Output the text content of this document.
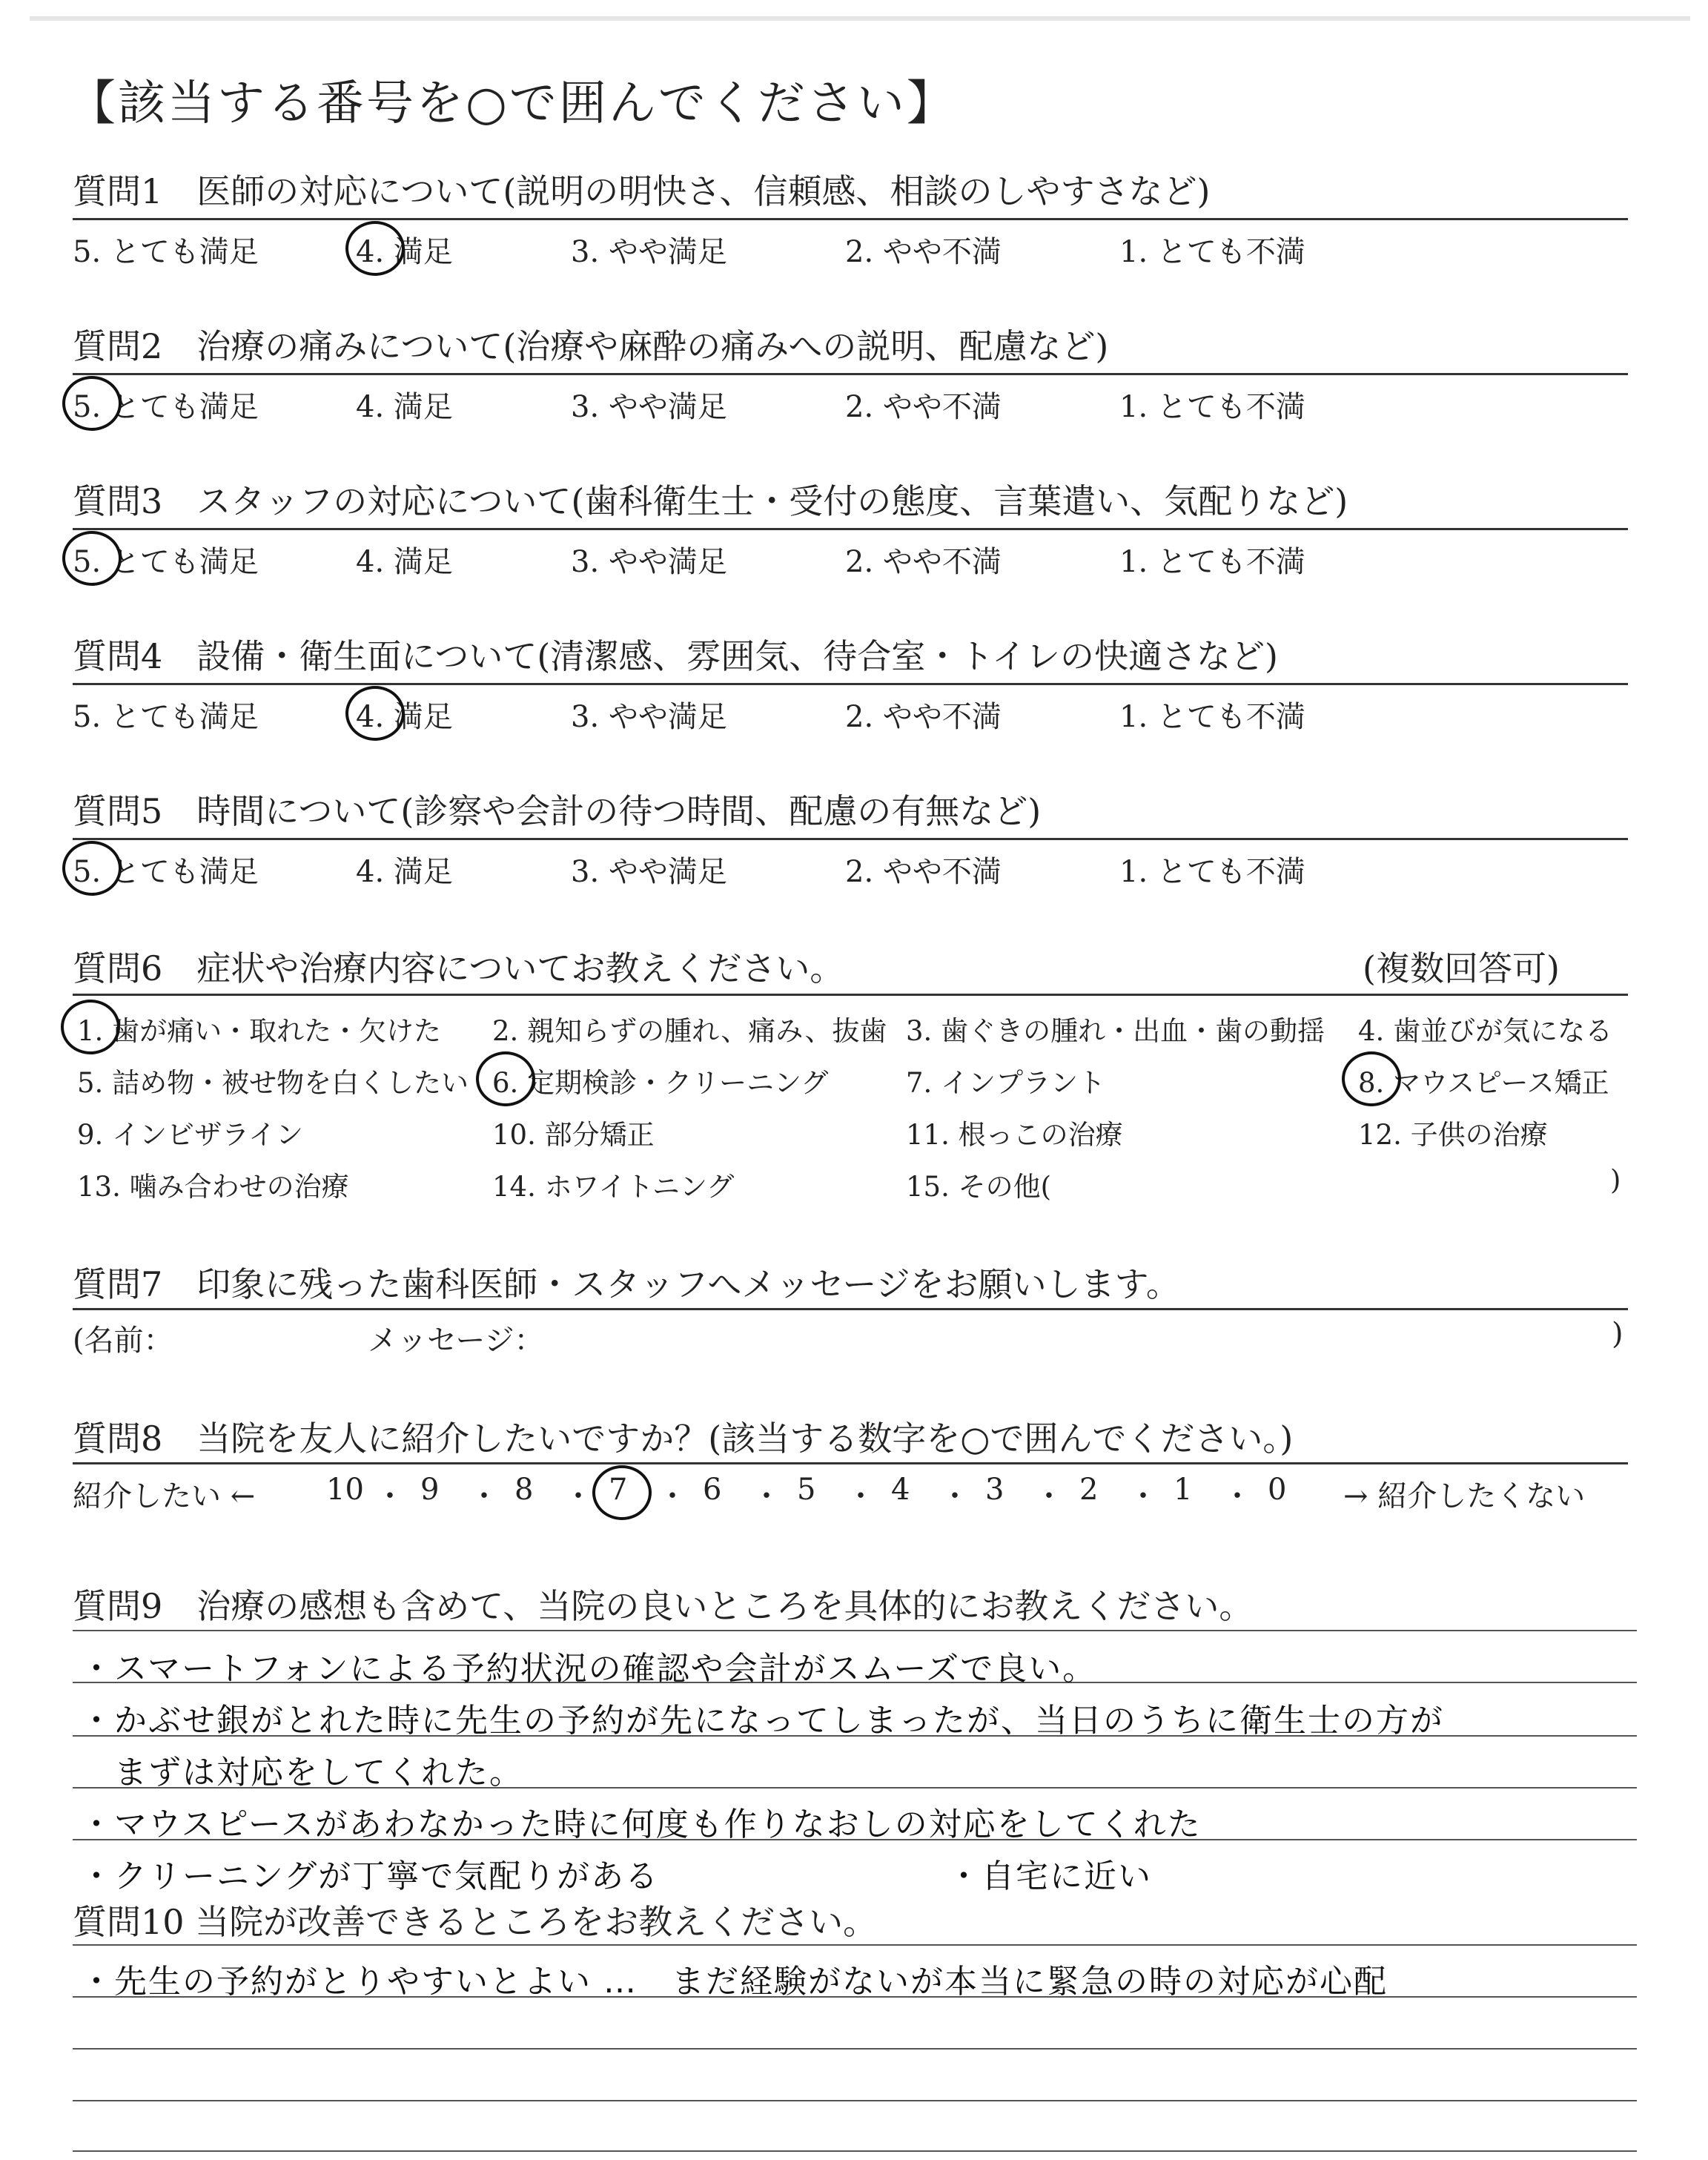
【該当する番号を○で囲んでください】
質問1　医師の対応について(説明の明快さ、信頼感、相談のしやすさなど)
5. とても満足	4. 満足	3. やや満足	2. やや不満	1. とても不満
質問2　治療の痛みについて(治療や麻酔の痛みへの説明、配慮など)
5. とても満足	4. 満足	3. やや満足	2. やや不満	1. とても不満
質問3　スタッフの対応について(歯科衛生士・受付の態度、言葉遣い、気配りなど)
5. とても満足	4. 満足	3. やや満足	2. やや不満	1. とても不満
質問4　設備・衛生面について(清潔感、雰囲気、待合室・トイレの快適さなど)
5. とても満足	4. 満足	3. やや満足	2. やや不満	1. とても不満
質問5　時間について(診察や会計の待つ時間、配慮の有無など)
5. とても満足	4. 満足	3. やや満足	2. やや不満	1. とても不満
質問6　症状や治療内容についてお教えください。	(複数回答可)
1. 歯が痛い・取れた・欠けた 2. 親知らずの腫れ、痛み、抜歯 3. 歯ぐきの腫れ・出血・歯の動揺 4. 歯並びが気になる
5. 詰め物・被せ物を白くしたい 6. 定期検診・クリーニング	7. インプラント	8. マウスピース矯正
9. インビザライン	10. 部分矯正	11. 根っこの治療	12. 子供の治療
13. 噛み合わせの治療	14. ホワイトニング	15. その他(	)
質問7　印象に残った歯科医師・スタッフへメッセージをお願いします。
(名前：	メッセージ：	)
質問8　当院を友人に紹介したいですか？(該当する数字を○で囲んでください。)
紹介したい ← 10 ・ 9 ・ 8 ・ 7 ・ 6 ・ 5 ・ 4 ・ 3 ・ 2 ・ 1 ・ 0 → 紹介したくない
質問9　治療の感想も含めて、当院の良いところを具体的にお教えください。
・スマートフォンによる予約状況の確認や会計がスムーズで良い。
・かぶせ銀がとれた時に先生の予約が先になってしまったが、当日のうちに衛生士の方が
　まずは対応をしてくれた。
・マウスピースがあわなかった時に何度も作りなおしの対応をしてくれた
・クリーニングが丁寧で気配りがある	・自宅に近い
質問10 当院が改善できるところをお教えください。
・先生の予約がとりやすいとよい …　まだ経験がないが本当に緊急の時の対応が心配
